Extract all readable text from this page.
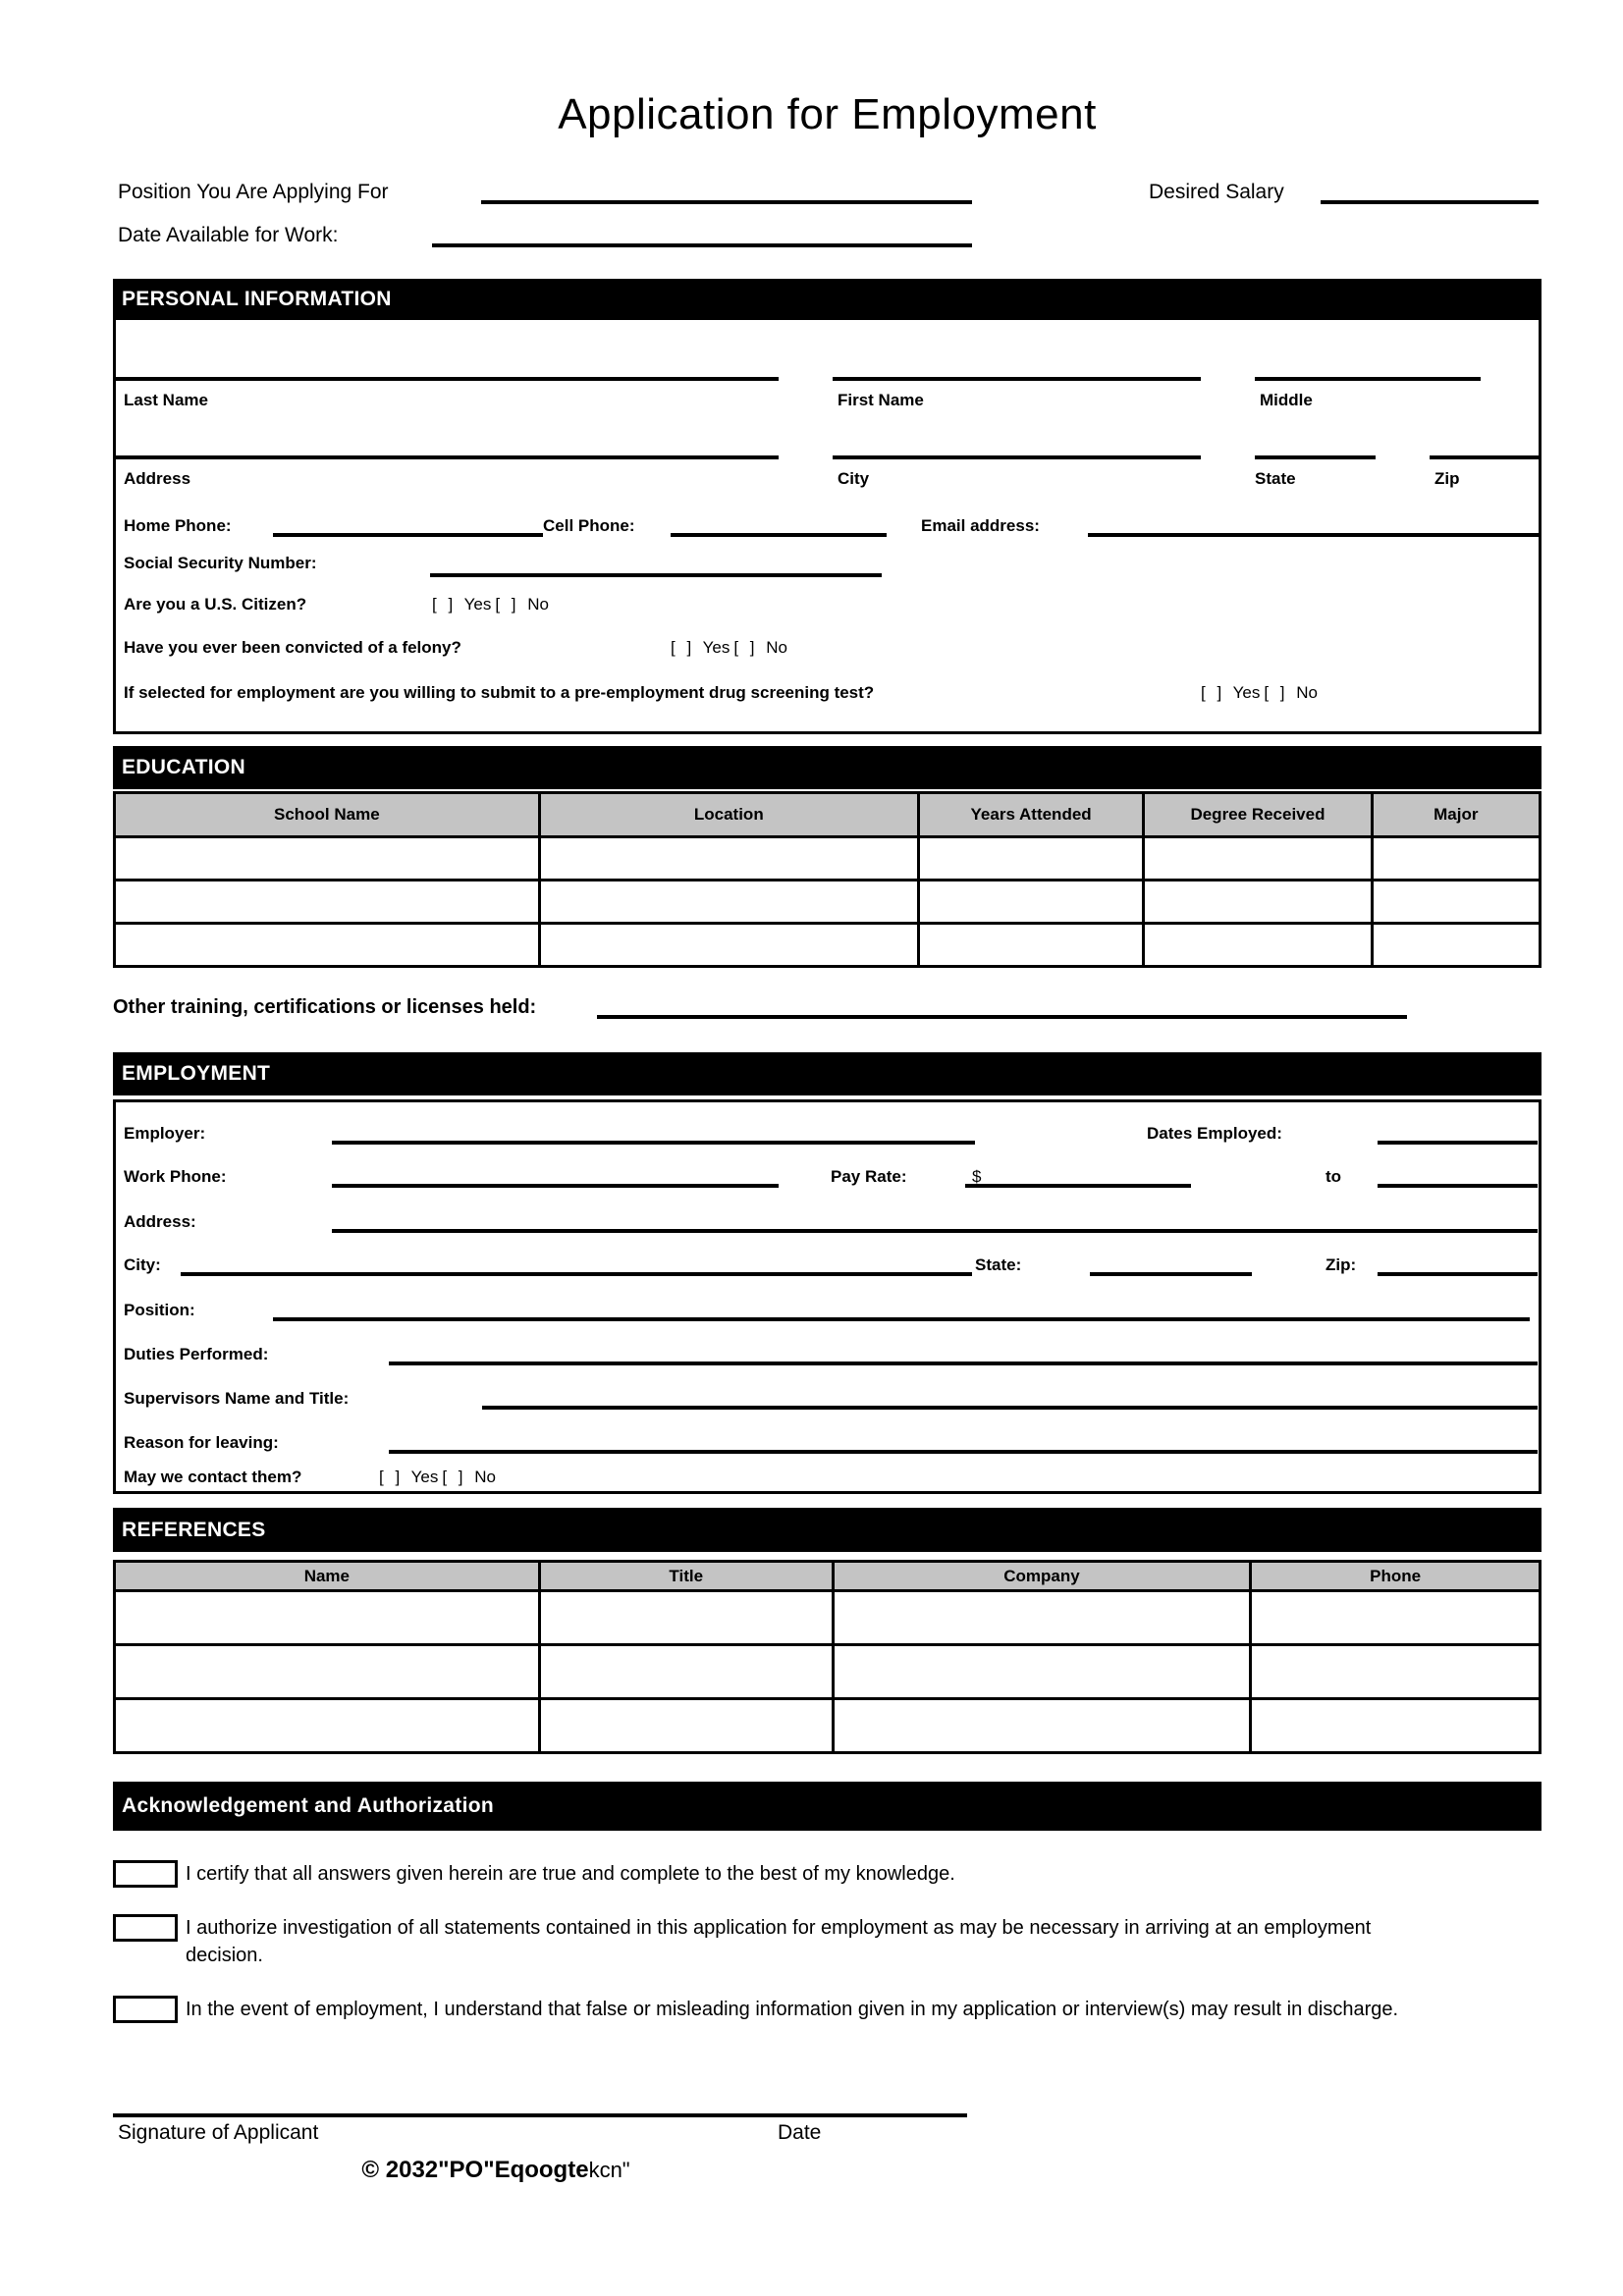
Application for Employment
Position You Are Applying For	Desired Salary
Date Available for Work:
PERSONAL INFORMATION
Last Name	First Name	Middle
Address	City	State	Zip
Home Phone:	Cell Phone:	Email address:
Social Security Number:
Are you a U.S. Citizen?	[ ] Yes [ ] No
Have you ever been convicted of a felony?	[ ] Yes [ ] No
If selected for employment are you willing to submit to a pre-employment drug screening test?	[ ] Yes [ ] No
EDUCATION
School Name	Location	Years Attended	Degree Received	Major

Other training, certifications or licenses held:
EMPLOYMENT
Employer:	Dates Employed:
Work Phone:	Pay Rate:	$	to
Address:
City:	State:	Zip:
Position:
Duties Performed:
Supervisors Name and Title:
Reason for leaving:
May we contact them?	[ ] Yes [ ] No
REFERENCES
Name	Title	Company	Phone

Acknowledgement and Authorization
I certify that all answers given herein are true and complete to the best of my knowledge.
I authorize investigation of all statements contained in this application for employment as may be necessary in arriving at an employment decision.
In the event of employment, I understand that false or misleading information given in my application or interview(s) may result in discharge.
Signature of Applicant	Date
© 2032"PO"Eqoogtekcn"
